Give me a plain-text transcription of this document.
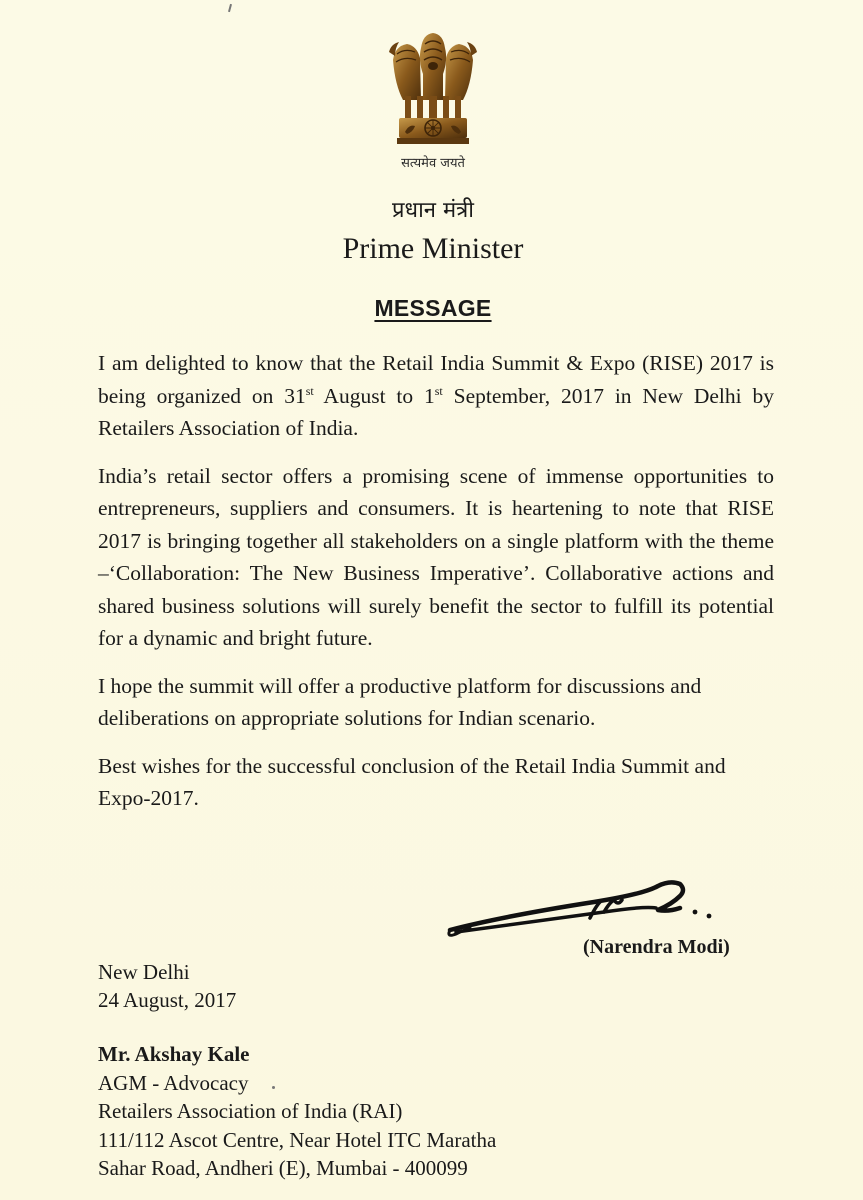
सत्यमेव जयते
प्रधान मंत्री
Prime Minister
MESSAGE

I am delighted to know that the Retail India Summit & Expo (RISE) 2017 is being organized on 31st August to 1st September, 2017 in New Delhi by Retailers Association of India.

India’s retail sector offers a promising scene of immense opportunities to entrepreneurs, suppliers and consumers. It is heartening to note that RISE 2017 is bringing together all stakeholders on a single platform with the theme –‘Collaboration: The New Business Imperative’. Collaborative actions and shared business solutions will surely benefit the sector to fulfill its potential for a dynamic and bright future.

I hope the summit will offer a productive platform for discussions and deliberations on appropriate solutions for Indian scenario.

Best wishes for the successful conclusion of the Retail India Summit and Expo-2017.

(Narendra Modi)
New Delhi
24 August, 2017
Mr. Akshay Kale
AGM - Advocacy
Retailers Association of India (RAI)
111/112 Ascot Centre, Near Hotel ITC Maratha
Sahar Road, Andheri (E), Mumbai - 400099
